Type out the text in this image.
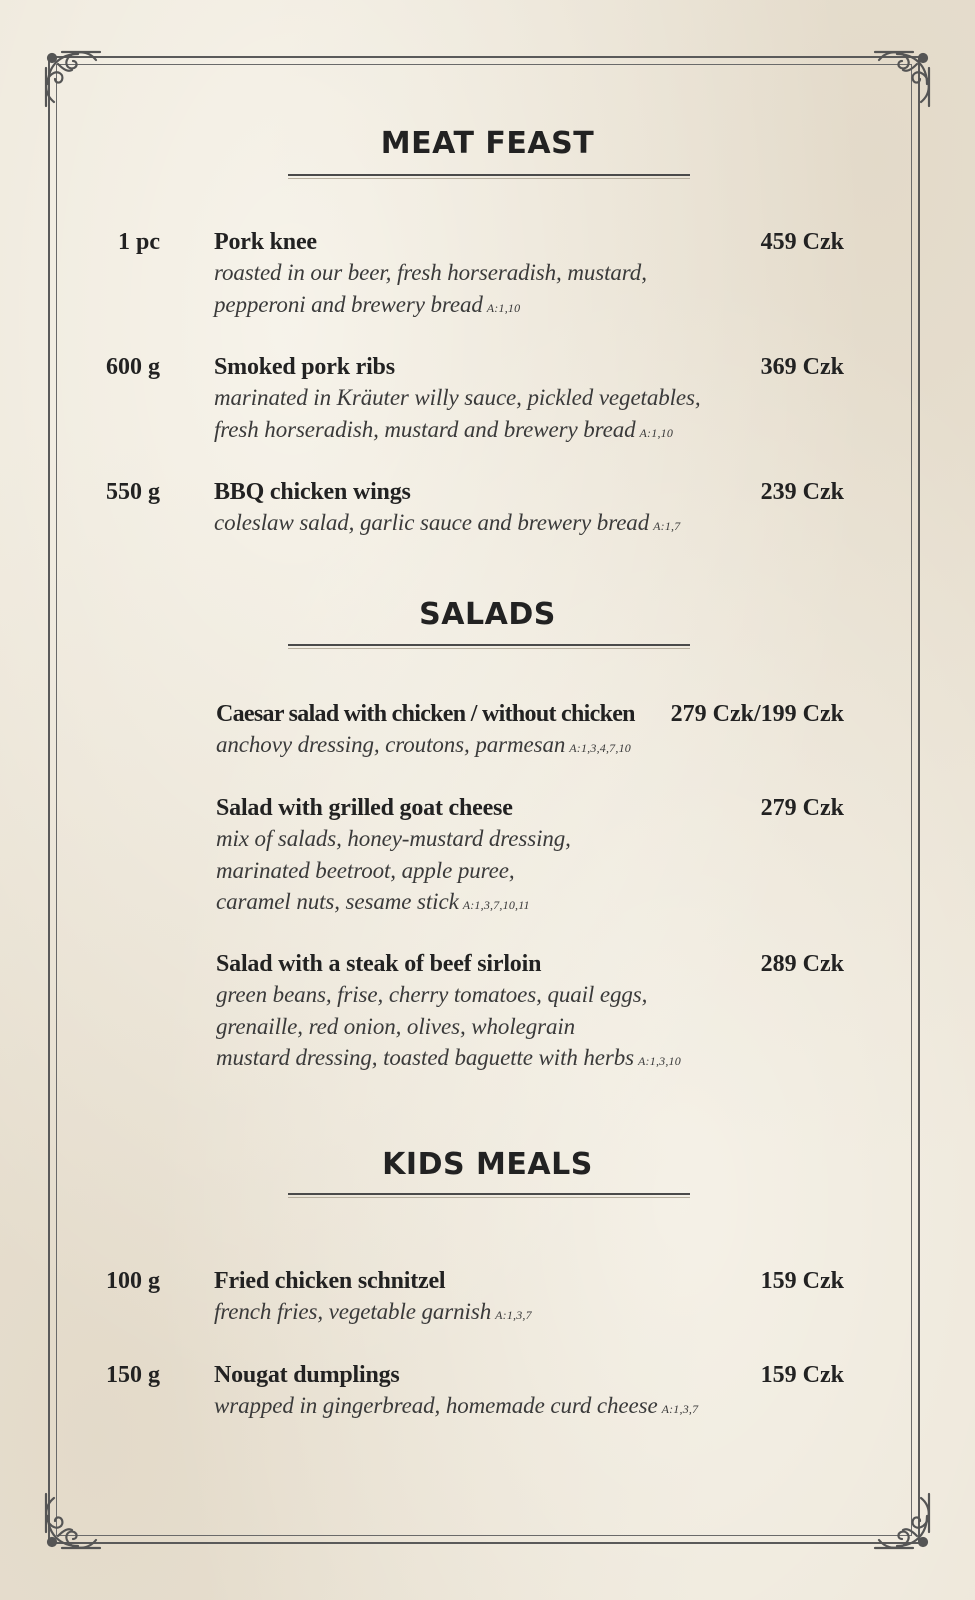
MEAT FEAST
1 pc Pork knee	459 Czk
roasted in our beer, fresh horseradish, mustard,
pepperoni and brewery bread A:1,10
600 g Smoked pork ribs	369 Czk
marinated in Kräuter willy sauce, pickled vegetables,
fresh horseradish, mustard and brewery bread A:1,10
550 g BBQ chicken wings	239 Czk
coleslaw salad, garlic sauce and brewery bread A:1,7
SALADS
Caesar salad with chicken / without chicken 279 Czk/199 Czk
anchovy dressing, croutons, parmesan A:1,3,4,7,10
Salad with grilled goat cheese	279 Czk
mix of salads, honey-mustard dressing,
marinated beetroot, apple puree,
caramel nuts, sesame stick A:1,3,7,10,11
Salad with a steak of beef sirloin	289 Czk
green beans, frise, cherry tomatoes, quail eggs,
grenaille, red onion, olives, wholegrain
mustard dressing, toasted baguette with herbs A:1,3,10
KIDS MEALS
100 g Fried chicken schnitzel	159 Czk
french fries, vegetable garnish A:1,3,7
150 g Nougat dumplings	159 Czk
wrapped in gingerbread, homemade curd cheese A:1,3,7
